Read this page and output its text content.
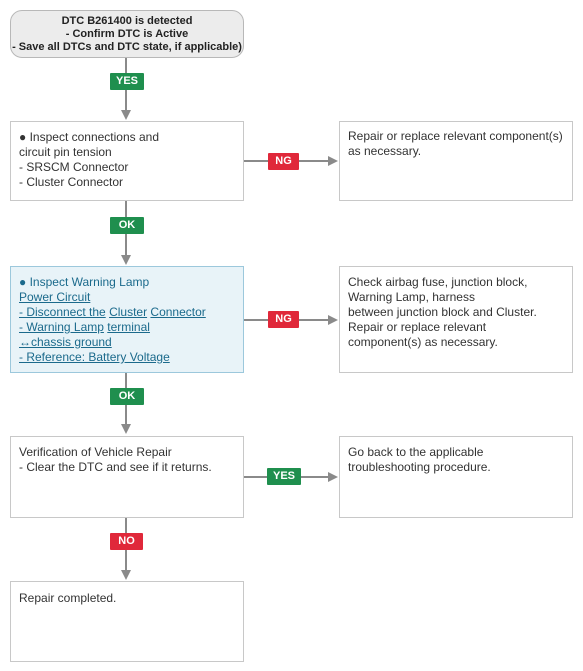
DTC B261400 is detected
- Confirm DTC is Active
- Save all DTCs and DTC state, if applicable)
YES
● Inspect connections and
circuit pin tension
- SRSCM Connector
- Cluster Connector
NG
Repair or replace relevant component(s)
as necessary.
OK
● Inspect Warning Lamp
Power Circuit
- Disconnect the Cluster Connector
- Warning Lamp terminal
↔chassis ground
- Reference: Battery Voltage
NG
Check airbag fuse, junction block,
Warning Lamp, harness
between junction block and Cluster.
Repair or replace relevant
component(s) as necessary.
OK
Verification of Vehicle Repair
- Clear the DTC and see if it returns.
YES
Go back to the applicable
troubleshooting procedure.
NO
Repair completed.
